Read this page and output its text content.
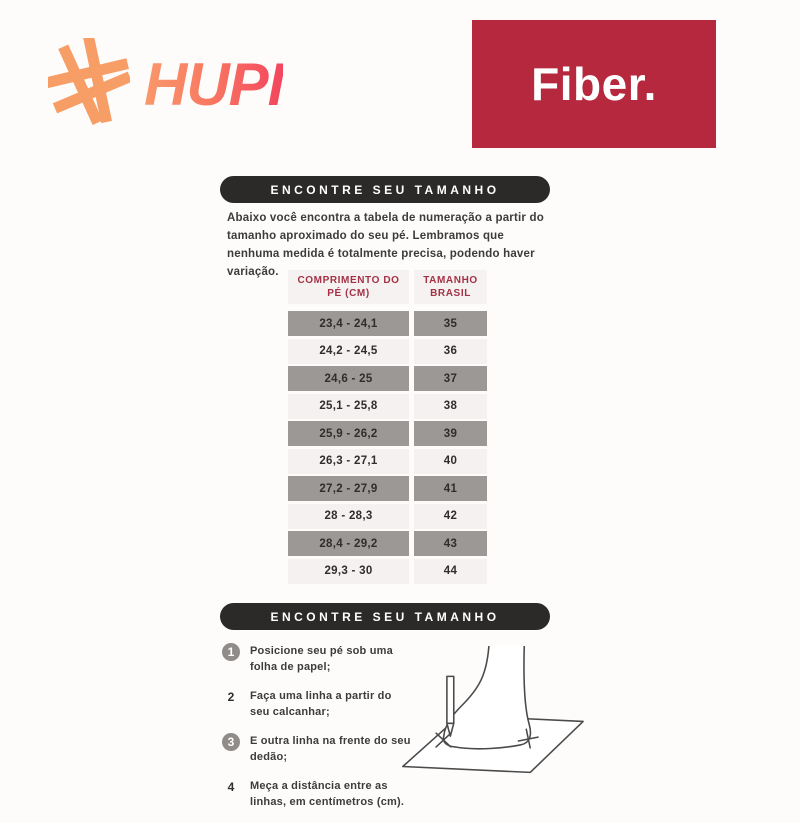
HUPI	Fiber.
ENCONTRE SEU TAMANHO
Abaixo você encontra a tabela de numeração a partir do tamanho aproximado do seu pé. Lembramos que nenhuma medida é totalmente precisa, podendo haver variação.
COMPRIMENTO DO PÉ (CM)
TAMANHO BRASIL
23,4 - 24,1	35
24,2 - 24,5	36
24,6 - 25	37
25,1 - 25,8	38
25,9 - 26,2	39
26,3 - 27,1	40
27,2 - 27,9	41
28 - 28,3	42
28,4 - 29,2	43
29,3 - 30	44
ENCONTRE SEU TAMANHO
1	Posicione seu pé sob uma folha de papel;
2	Faça uma linha a partir do seu calcanhar;
3	E outra linha na frente do seu dedão;
4	Meça a distância entre as linhas, em centímetros (cm).
